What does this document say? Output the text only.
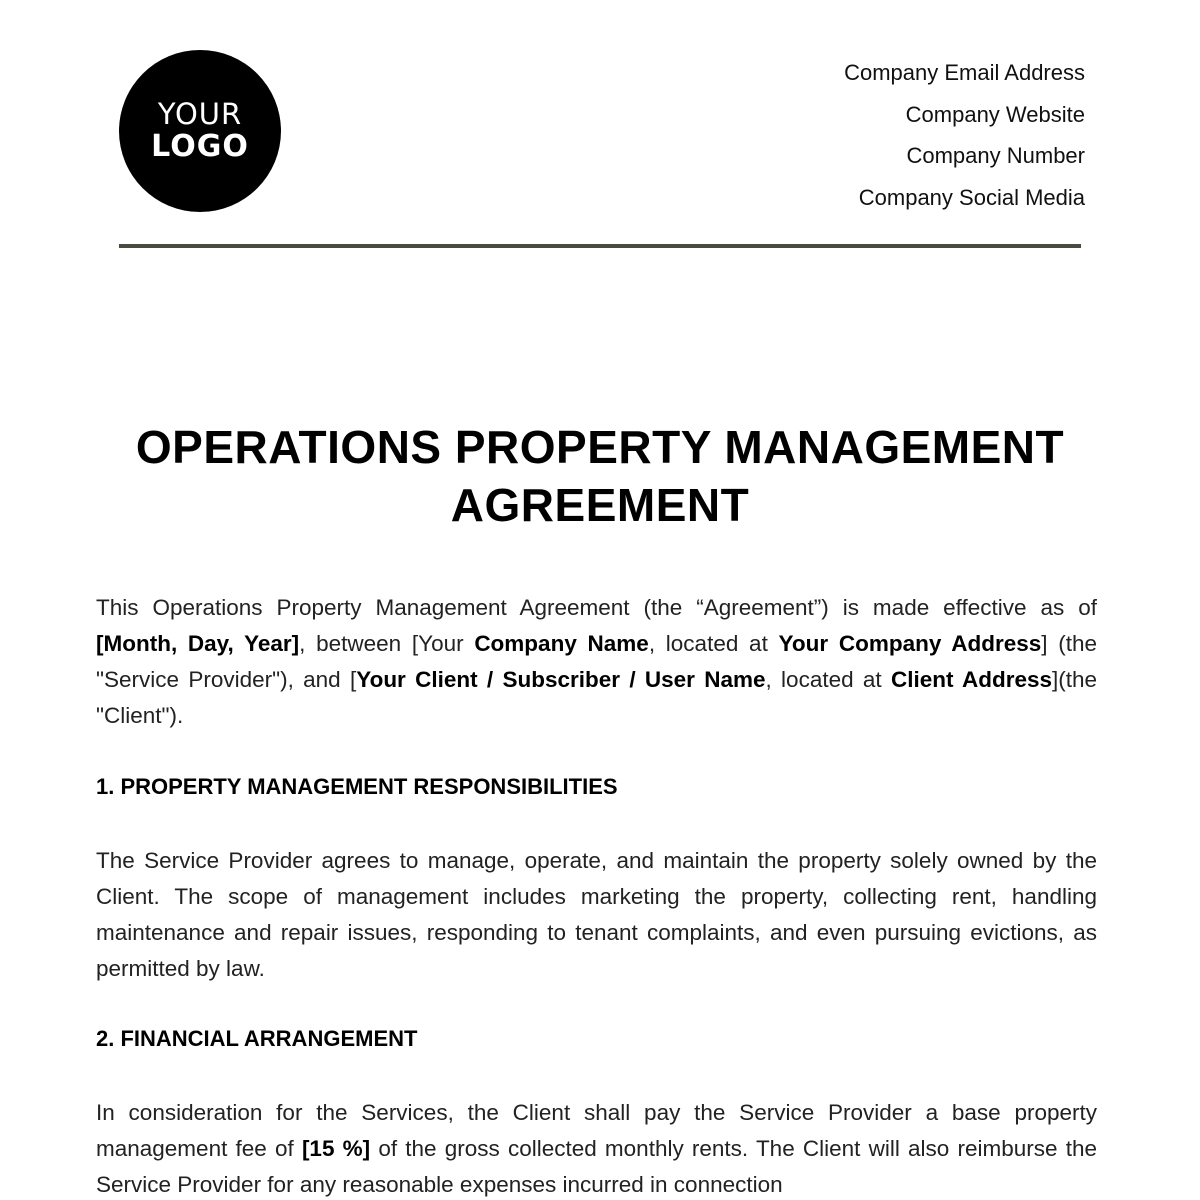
YOUR
LOGO
Company Email Address
Company Website
Company Number
Company Social Media
OPERATIONS PROPERTY MANAGEMENT AGREEMENT

This Operations Property Management Agreement (the “Agreement”) is made effective as of [Month, Day, Year], between [Your Company Name, located at Your Company Address] (the "Service Provider"), and [Your Client / Subscriber / User Name, located at Client Address](the "Client").

1. PROPERTY MANAGEMENT RESPONSIBILITIES

The Service Provider agrees to manage, operate, and maintain the property solely owned by the Client. The scope of management includes marketing the property, collecting rent, handling maintenance and repair issues, responding to tenant complaints, and even pursuing evictions, as permitted by law.

2. FINANCIAL ARRANGEMENT

In consideration for the Services, the Client shall pay the Service Provider a base property management fee of [15 %] of the gross collected monthly rents. The Client will also reimburse the Service Provider for any reasonable expenses incurred in connection
